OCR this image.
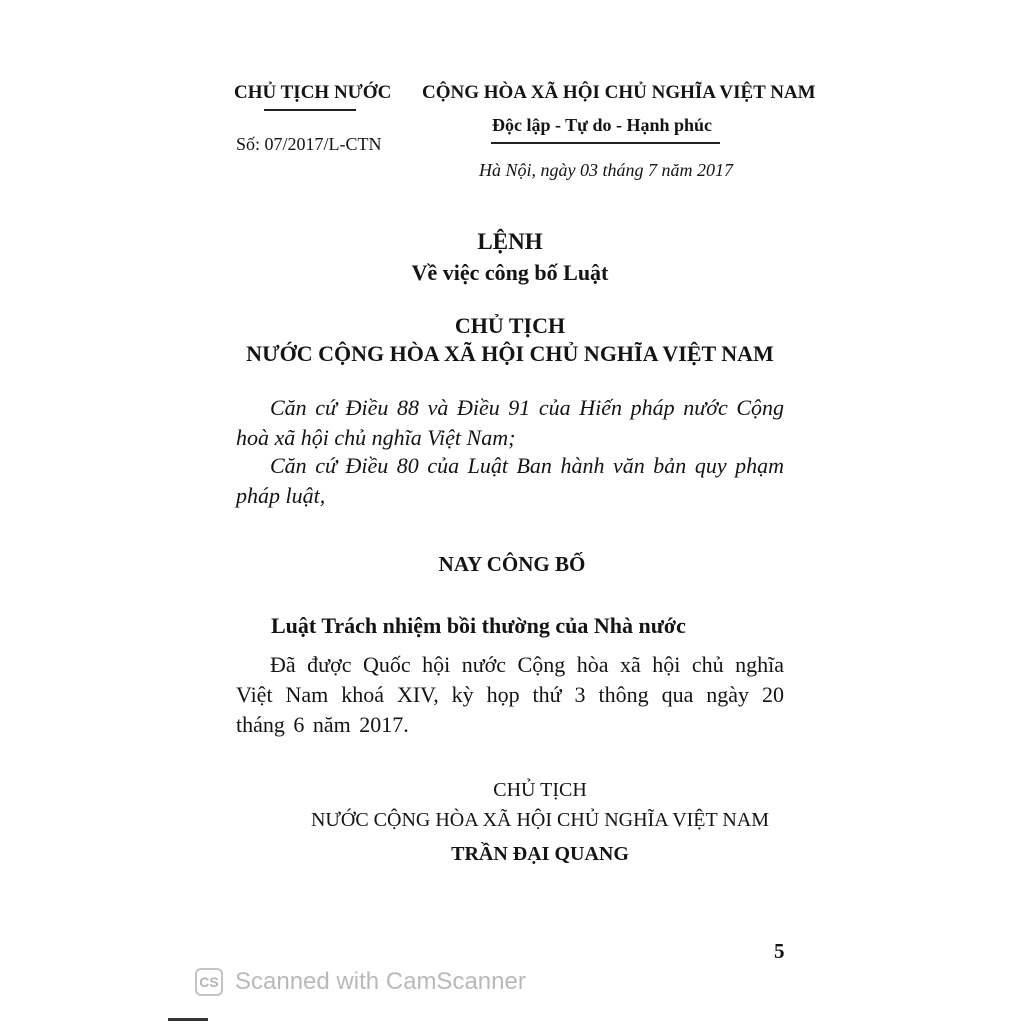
CHỦ TỊCH NƯỚC
Số: 07/2017/L-CTN
CỘNG HÒA XÃ HỘI CHỦ NGHĨA VIỆT NAM
Độc lập - Tự do - Hạnh phúc
Hà Nội, ngày 03 tháng 7 năm 2017
LỆNH
Về việc công bố Luật
CHỦ TỊCH
NƯỚC CỘNG HÒA XÃ HỘI CHỦ NGHĨA VIỆT NAM
Căn cứ Điều 88 và Điều 91 của Hiến pháp nước Cộng hoà xã hội chủ nghĩa Việt Nam;
Căn cứ Điều 80 của Luật Ban hành văn bản quy phạm pháp luật,
NAY CÔNG BỐ
Luật Trách nhiệm bồi thường của Nhà nước
Đã được Quốc hội nước Cộng hòa xã hội chủ nghĩa Việt Nam khoá XIV, kỳ họp thứ 3 thông qua ngày 20 tháng 6 năm 2017.
CHỦ TỊCH
NƯỚC CỘNG HÒA XÃ HỘI CHỦ NGHĨA VIỆT NAM
TRẦN ĐẠI QUANG
5
CS Scanned with CamScanner
